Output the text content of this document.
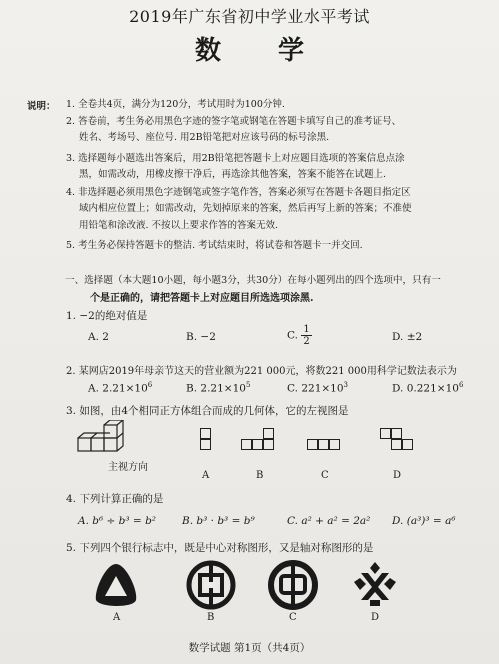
2019年广东省初中学业水平考试
数 学
说明： 1. 全卷共4页，满分为120分，考试用时为100分钟.
2. 答卷前，考生务必用黑色字迹的签字笔或钢笔在答题卡填写自己的准考证号、
姓名、考场号、座位号. 用2B铅笔把对应该号码的标号涂黑.
3. 选择题每小题选出答案后，用2B铅笔把答题卡上对应题目选项的答案信息点涂
黑，如需改动，用橡皮擦干净后，再选涂其他答案，答案不能答在试题上.
4. 非选择题必须用黑色字迹钢笔或签字笔作答，答案必须写在答题卡各题目指定区
域内相应位置上；如需改动，先划掉原来的答案，然后再写上新的答案；不准使
用铅笔和涂改液. 不按以上要求作答的答案无效.
5. 考生务必保持答题卡的整洁. 考试结束时，将试卷和答题卡一并交回.
一、选择题（本大题10小题，每小题3分，共30分）在每小题列出的四个选项中，只有一
个是正确的，请把答题卡上对应题目所选选项涂黑.
1. −2的绝对值是
A. 2	B. −2	C. $\frac{1}{2}$	D. ±2
2. 某网店2019年母亲节这天的营业额为221 000元，将数221 000用科学记数法表示为
A. $2.21\times 10^6$	B. $2.21\times 10^5$	C. $221\times 10^3$	D. $0.221\times 10^6$
3. 如图，由4个相同正方体组合而成的几何体，它的左视图是
主视方向
A	B	C	D
4. 下列计算正确的是
A. b⁶ ÷ b³ = b² B. b³ · b³ = b⁹	C. a² + a² = 2a² D. (a³)³ = a⁶
5. 下列四个银行标志中，既是中心对称图形，又是轴对称图形的是
A	B	C	D
数学试题 第1页（共4页）
